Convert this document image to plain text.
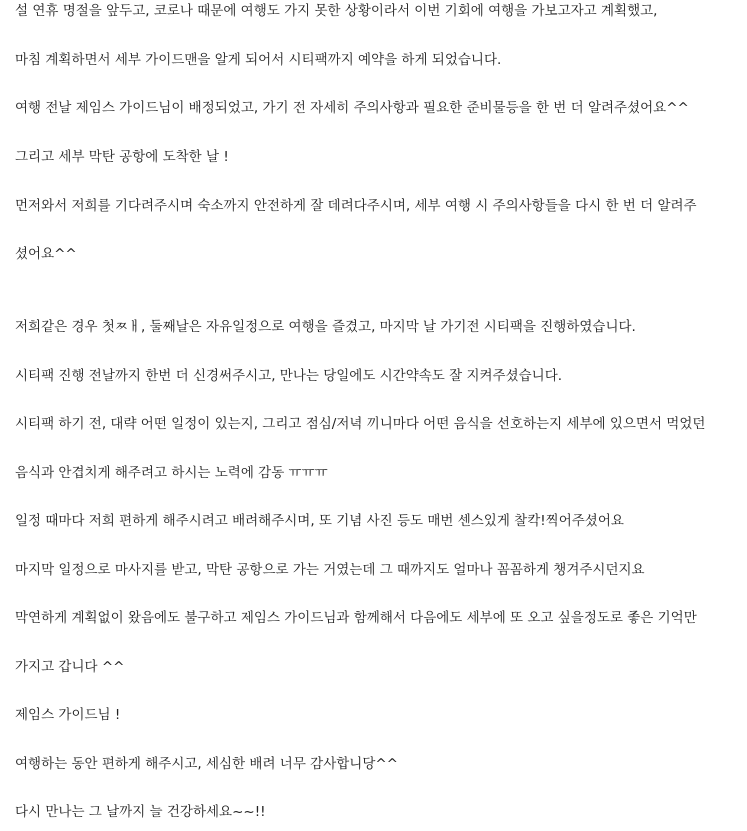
설 연휴 명절을 앞두고, 코로나 때문에 여행도 가지 못한 상황이라서 이번 기회에 여행을 가보고자고 계획했고,
마침 계획하면서 세부 가이드맨을 알게 되어서 시티팩까지 예약을 하게 되었습니다.
여행 전날 제임스 가이드님이 배정되었고, 가기 전 자세히 주의사항과 필요한 준비물등을 한 번 더 알려주셨어요^^
그리고 세부 막탄 공항에 도착한 날 !
먼저와서 저희를 기다려주시며 숙소까지 안전하게 잘 데려다주시며, 세부 여행 시 주의사항들을 다시 한 번 더 알려주
셨어요^^
저희같은 경우 첫ㅉㅐ, 둘째날은 자유일정으로 여행을 즐겼고, 마지막 날 가기전 시티팩을 진행하였습니다.
시티팩 진행 전날까지 한번 더 신경써주시고, 만나는 당일에도 시간약속도 잘 지켜주셨습니다.
시티팩 하기 전, 대략 어떤 일정이 있는지, 그리고 점심/저녁 끼니마다 어떤 음식을 선호하는지 세부에 있으면서 먹었던
음식과 안겹치게 해주려고 하시는 노력에 감동 ㅠㅠㅠ
일정 때마다 저희 편하게 해주시려고 배려해주시며, 또 기념 사진 등도 매번 센스있게 찰칵!찍어주셨어요
마지막 일정으로 마사지를 받고, 막탄 공항으로 가는 거였는데 그 때까지도 얼마나 꼼꼼하게 챙겨주시던지요
막연하게 계획없이 왔음에도 불구하고 제임스 가이드님과 함께해서 다음에도 세부에 또 오고 싶을정도로 좋은 기억만
가지고 갑니다 ^^
제임스 가이드님 !
여행하는 동안 편하게 해주시고, 세심한 배려 너무 감사합니당^^
다시 만나는 그 날까지 늘 건강하세요~~!!
